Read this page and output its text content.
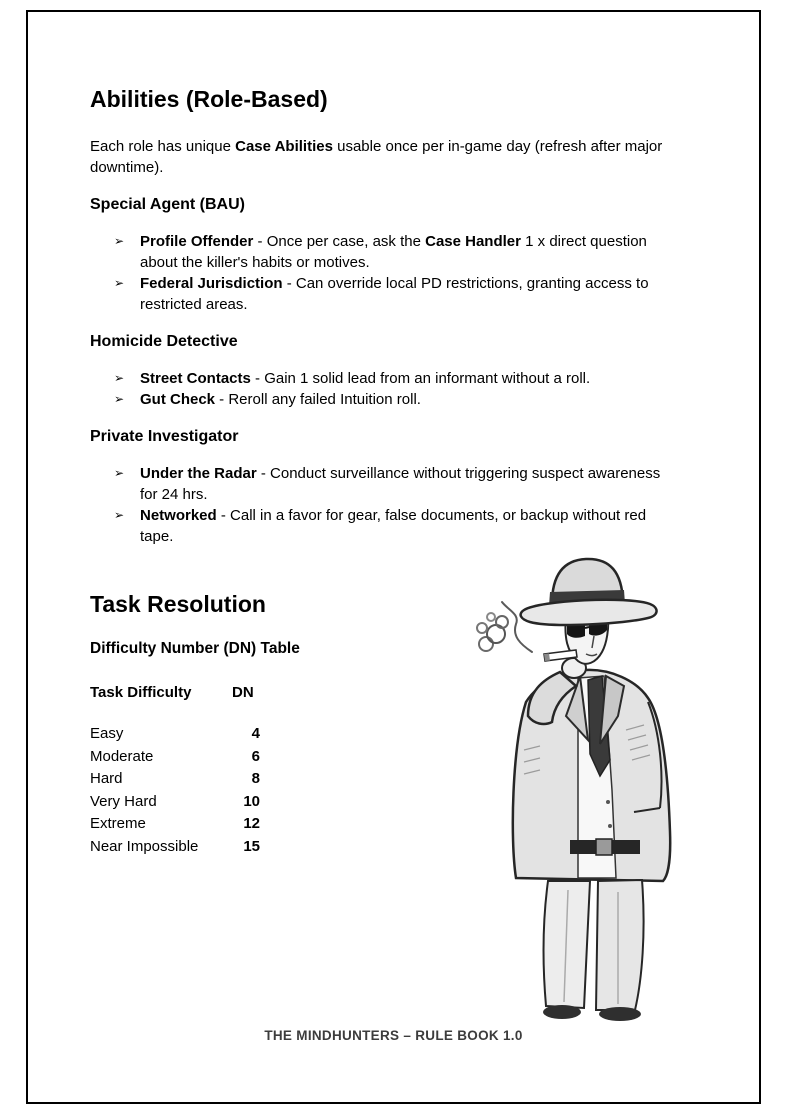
Abilities (Role-Based)

Each role has unique Case Abilities usable once per in-game day (refresh after major downtime).

Special Agent (BAU)
➢	Profile Offender - Once per case, ask the Case Handler 1 x direct question about the killer's habits or motives.
➢	Federal Jurisdiction - Can override local PD restrictions, granting access to restricted areas.
Homicide Detective
➢	Street Contacts - Gain 1 solid lead from an informant without a roll.
➢	Gut Check - Reroll any failed Intuition roll.
Private Investigator
➢	Under the Radar - Conduct surveillance without triggering suspect awareness for 24 hrs.
➢	Networked - Call in a favor for gear, false documents, or backup without red tape.
Task Resolution
Difficulty Number (DN) Table
Task Difficulty	DN
Easy	4
Moderate	6
Hard	8
Very Hard	10
Extreme	12
Near Impossible	15
THE MINDHUNTERS – RULE BOOK 1.0
